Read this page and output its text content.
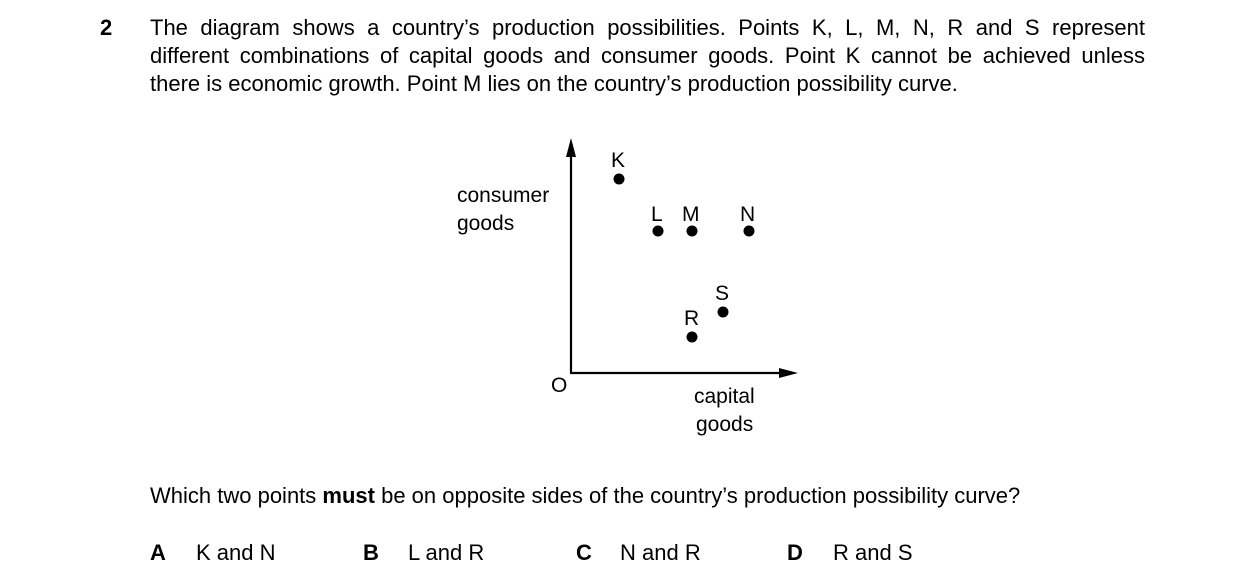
2 The diagram shows a country’s production possibilities. Points K, L, M, N, R and S represent
different combinations of capital goods and consumer goods. Point K cannot be achieved unless
there is economic growth. Point M lies on the country’s production possibility curve.
consumer
goods
capital
goods
O
K
L M N
R
S
Which two points must be on opposite sides of the country’s production possibility curve?
A K and N	B L and R	C N and R	D R and S
